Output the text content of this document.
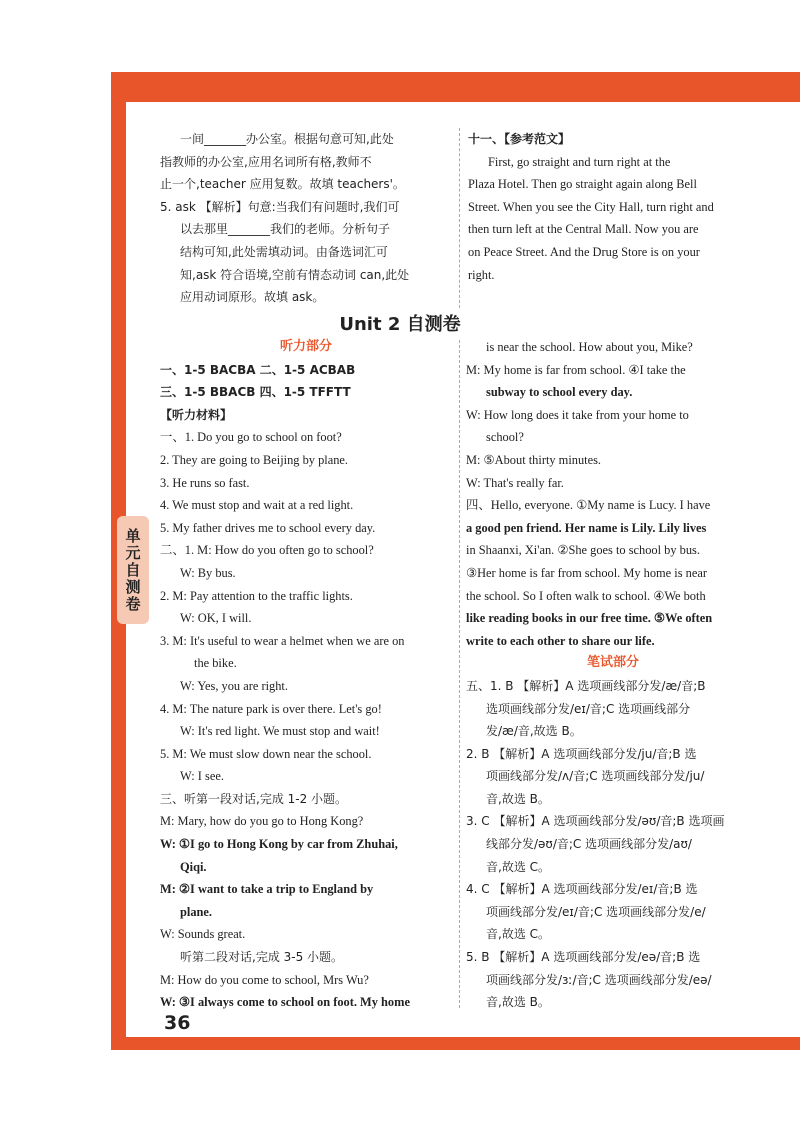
单元自测卷

一间_______办公室。根据句意可知,此处

指教师的办公室,应用名词所有格,教师不

止一个,teacher 应用复数。故填 teachers'。

5. ask 【解析】句意:当我们有问题时,我们可

以去那里_______我们的老师。分析句子

结构可知,此处需填动词。由备选词汇可

知,ask 符合语境,空前有情态动词 can,此处

应用动词原形。故填 ask。

十一、【参考范文】

First, go straight and turn right at the

Plaza Hotel. Then go straight again along Bell

Street. When you see the City Hall, turn right and

then turn left at the Central Mall. Now you are

on Peace Street. And the Drug Store is on your

right.

Unit 2 自测卷

听力部分

一、1-5 BACBA 二、1-5 ACBAB

三、1-5 BBACB 四、1-5 TFFTT

【听力材料】

一、1. Do you go to school on foot?

2. They are going to Beijing by plane.

3. He runs so fast.

4. We must stop and wait at a red light.

5. My father drives me to school every day.

二、1. M: How do you often go to school?

W: By bus.

2. M: Pay attention to the traffic lights.

W: OK, I will.

3. M: It's useful to wear a helmet when we are on

the bike.

W: Yes, you are right.

4. M: The nature park is over there. Let's go!

W: It's red light. We must stop and wait!

5. M: We must slow down near the school.

W: I see.

三、听第一段对话,完成 1-2 小题。

M: Mary, how do you go to Hong Kong?

W: ①I go to Hong Kong by car from Zhuhai,

Qiqi.

M: ②I want to take a trip to England by

plane.

W: Sounds great.

听第二段对话,完成 3-5 小题。

M: How do you come to school, Mrs Wu?

W: ③I always come to school on foot. My home

is near the school. How about you, Mike?

M: My home is far from school. ④I take the

subway to school every day.

W: How long does it take from your home to

school?

M: ⑤About thirty minutes.

W: That's really far.

四、Hello, everyone. ①My name is Lucy. I have

a good pen friend. Her name is Lily. Lily lives

in Shaanxi, Xi'an. ②She goes to school by bus.

③Her home is far from school. My home is near

the school. So I often walk to school. ④We both

like reading books in our free time. ⑤We often

write to each other to share our life.

笔试部分

五、1. B 【解析】A 选项画线部分发/æ/音;B

选项画线部分发/eɪ/音;C 选项画线部分

发/æ/音,故选 B。

2. B 【解析】A 选项画线部分发/ju/音;B 选

项画线部分发/ʌ/音;C 选项画线部分发/ju/

音,故选 B。

3. C 【解析】A 选项画线部分发/əʊ/音;B 选项画

线部分发/əʊ/音;C 选项画线部分发/aʊ/

音,故选 C。

4. C 【解析】A 选项画线部分发/eɪ/音;B 选

项画线部分发/eɪ/音;C 选项画线部分发/e/

音,故选 C。

5. B 【解析】A 选项画线部分发/eə/音;B 选

项画线部分发/ɜː/音;C 选项画线部分发/eə/

音,故选 B。

36
